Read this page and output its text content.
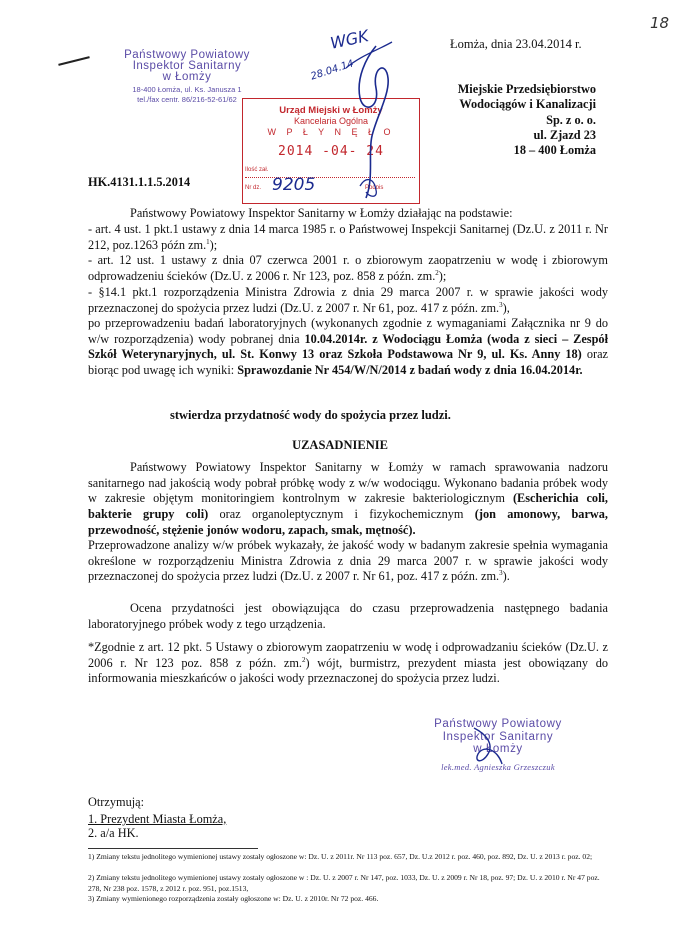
18
Państwowy Powiatowy
Inspektor Sanitarny
w Łomży
18-400 Łomża, ul. Ks. Janusza 1
tel./fax centr. 86/216-52-61/62
Urząd Miejski w Łomży
Kancelaria Ogólna
W P Ł Y N Ę Ł O
2014 -04- 24
Ilość zał.
Nr dz.	Podpis
9205
WGK
28.04.14
Łomża, dnia 23.04.2014 r.
Miejskie Przedsiębiorstwo
Wodociągów i Kanalizacji
Sp. z o. o.
ul. Zjazd 23
18 – 400 Łomża
HK.4131.1.1.5.2014
Państwowy Powiatowy Inspektor Sanitarny w Łomży działając na podstawie:
- art. 4 ust. 1 pkt.1 ustawy z dnia 14 marca 1985 r. o Państwowej Inspekcji Sanitarnej (Dz.U. z 2011 r. Nr 212, poz.1263 późn zm.$^1$);
- art. 12 ust. 1 ustawy z dnia 07 czerwca 2001 r. o zbiorowym zaopatrzeniu w wodę i zbiorowym odprowadzeniu ścieków (Dz.U. z 2006 r. Nr 123, poz. 858 z późn. zm.$^2$);
- §14.1 pkt.1 rozporządzenia Ministra Zdrowia z dnia 29 marca 2007 r. w sprawie jakości wody przeznaczonej do spożycia przez ludzi (Dz.U. z 2007 r. Nr 61, poz. 417 z późn. zm.$^3$),
po przeprowadzeniu badań laboratoryjnych (wykonanych zgodnie z wymaganiami Załącznika nr 9 do w/w rozporządzenia) wody pobranej dnia 10.04.2014r. z Wodociągu Łomża (woda z sieci – Zespół Szkół Weterynaryjnych, ul. St. Konwy 13 oraz Szkoła Podstawowa Nr 9, ul. Ks. Anny 18) oraz biorąc pod uwagę ich wyniki: Sprawozdanie Nr 454/W/N/2014 z badań wody z dnia 16.04.2014r.
stwierdza przydatność wody do spożycia przez ludzi.
UZASADNIENIE
Państwowy Powiatowy Inspektor Sanitarny w Łomży w ramach sprawowania nadzoru sanitarnego nad jakością wody pobrał próbkę wody z w/w wodociągu. Wykonano badania próbek wody w zakresie objętym monitoringiem kontrolnym w zakresie bakteriologicznym (Escherichia coli, bakterie grupy coli) oraz organoleptycznym i fizykochemicznym (jon amonowy, barwa, przewodność, stężenie jonów wodoru, zapach, smak, mętność).
Przeprowadzone analizy w/w próbek wykazały, że jakość wody w badanym zakresie spełnia wymagania określone w rozporządzeniu Ministra Zdrowia z dnia 29 marca 2007 r. w sprawie jakości wody przeznaczonej do spożycia przez ludzi (Dz.U. z 2007 r. Nr 61, poz. 417 z późn. zm.$^3$).
Ocena przydatności jest obowiązująca do czasu przeprowadzenia następnego badania laboratoryjnego próbek wody z tego urządzenia.
*Zgodnie z art. 12 pkt. 5 Ustawy o zbiorowym zaopatrzeniu w wodę i odprowadzaniu ścieków (Dz.U. z 2006 r. Nr 123 poz. 858 z późn. zm.$^2$) wójt, burmistrz, prezydent miasta jest obowiązany do informowania mieszkańców o jakości wody przeznaczonej do spożycia przez ludzi.
Państwowy Powiatowy
Inspektor Sanitarny
w Łomży
lek.med. Agnieszka Grzeszczuk
Otrzymują:
1. Prezydent Miasta Łomża,
2. a/a HK.
1) Zmiany tekstu jednolitego wymienionej ustawy zostały ogłoszone w: Dz. U. z 2011r. Nr 113 poz. 657, Dz. U.z 2012 r. poz. 460, poz. 892, Dz. U. z 2013 r. poz. 02;
2) Zmiany tekstu jednolitego wymienionej ustawy zostały ogłoszone w : Dz. U. z 2007 r. Nr 147, poz. 1033, Dz. U. z 2009 r. Nr 18, poz. 97; Dz. U. z 2010 r. Nr 47 poz. 278, Nr 238 poz. 1578, z 2012 r. poz. 951, poz.1513,
3) Zmiany wymienionego rozporządzenia zostały ogłoszone w: Dz. U. z 2010r. Nr 72 poz. 466.
